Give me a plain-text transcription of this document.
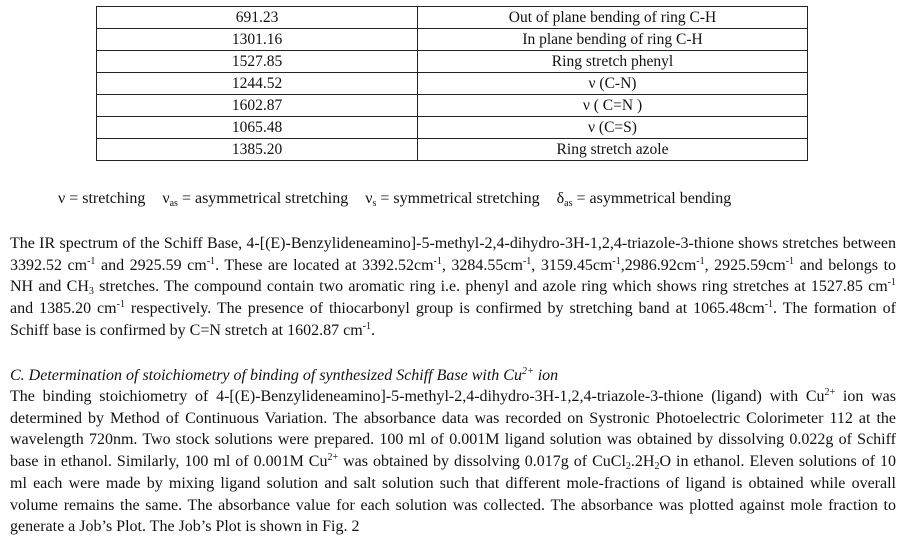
691.23	Out of plane bending of ring C-H
1301.16	In plane bending of ring C-H
1527.85	Ring stretch phenyl
1244.52	ν (C-N)
1602.87	ν ( C=N )
1065.48	ν (C=S)
1385.20	Ring stretch azole
ν = stretching $\nu_{as}$ = asymmetrical stretching $\nu_s$ = symmetrical stretching $\delta_{as}$ = asymmetrical bending

The IR spectrum of the Schiff Base, 4-[(E)-Benzylideneamino]-5-methyl-2,4-dihydro-3H-1,2,4-triazole-3-thione shows stretches between 3392.52 $cm^{-1}$ and 2925.59 $cm^{-1}$. These are located at $3392.52cm^{-1}$, $3284.55cm^{-1}$, $3159.45cm^{-1},2986.92cm^{-1}$, $2925.59cm^{-1}$ and belongs to NH and $CH_3$ stretches. The compound contain two aromatic ring i.e. phenyl and azole ring which shows ring stretches at 1527.85 $cm^{-1}$ and 1385.20 $cm^{-1}$ respectively. The presence of thiocarbonyl group is confirmed by stretching band at $1065.48cm^{-1}$. The formation of Schiff base is confirmed by C=N stretch at 1602.87 $cm^{-1}$.

C. Determination of stoichiometry of binding of synthesized Schiff Base with $Cu^{2+}$ ion

The binding stoichiometry of 4-[(E)-Benzylideneamino]-5-methyl-2,4-dihydro-3H-1,2,4-triazole-3-thione (ligand) with $Cu^{2+}$ ion was determined by Method of Continuous Variation. The absorbance data was recorded on Systronic Photoelectric Colorimeter 112 at the wavelength 720nm. Two stock solutions were prepared. 100 ml of 0.001M ligand solution was obtained by dissolving 0.022g of Schiff base in ethanol. Similarly, 100 ml of 0.001M $Cu^{2+}$ was obtained by dissolving 0.017g of $CuCl_2.2H_2O$ in ethanol. Eleven solutions of 10 ml each were made by mixing ligand solution and salt solution such that different mole-fractions of ligand is obtained while overall volume remains the same. The absorbance value for each solution was collected. The absorbance was plotted against mole fraction to generate a Job’s Plot. The Job’s Plot is shown in Fig. 2
